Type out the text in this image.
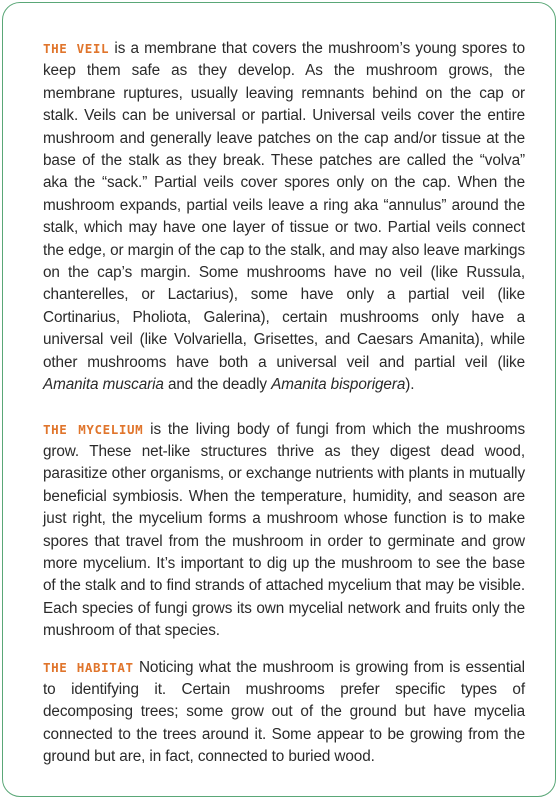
THE VEIL is a membrane that covers the mushroom’s young spores to keep them safe as they develop. As the mushroom grows, the membrane ruptures, usually leaving remnants behind on the cap or stalk. Veils can be universal or partial. Universal veils cover the entire mushroom and generally leave patches on the cap and/or tissue at the base of the stalk as they break. These patches are called the “volva” aka the “sack.” Partial veils cover spores only on the cap. When the mushroom expands, partial veils leave a ring aka “annulus” around the stalk, which may have one layer of tissue or two. Partial veils connect the edge, or margin of the cap to the stalk, and may also leave markings on the cap’s margin. Some mushrooms have no veil (like Russula, chanterelles, or Lactarius), some have only a partial veil (like Cortinarius, Pholiota, Galerina), certain mushrooms only have a universal veil (like Volvariella, Grisettes, and Caesars Amanita), while other mushrooms have both a universal veil and partial veil (like Amanita muscaria and the deadly Amanita bisporigera).

THE MYCELIUM is the living body of fungi from which the mushrooms grow. These net-like structures thrive as they digest dead wood, parasitize other organisms, or exchange nutrients with plants in mutually beneficial symbiosis. When the temperature, humidity, and season are just right, the mycelium forms a mushroom whose function is to make spores that travel from the mushroom in order to germinate and grow more mycelium. It’s important to dig up the mushroom to see the base of the stalk and to find strands of attached mycelium that may be visible. Each species of fungi grows its own mycelial network and fruits only the mushroom of that species.

THE HABITAT Noticing what the mushroom is growing from is essential to identifying it. Certain mushrooms prefer specific types of decomposing trees; some grow out of the ground but have mycelia connected to the trees around it. Some appear to be growing from the ground but are, in fact, connected to buried wood.
